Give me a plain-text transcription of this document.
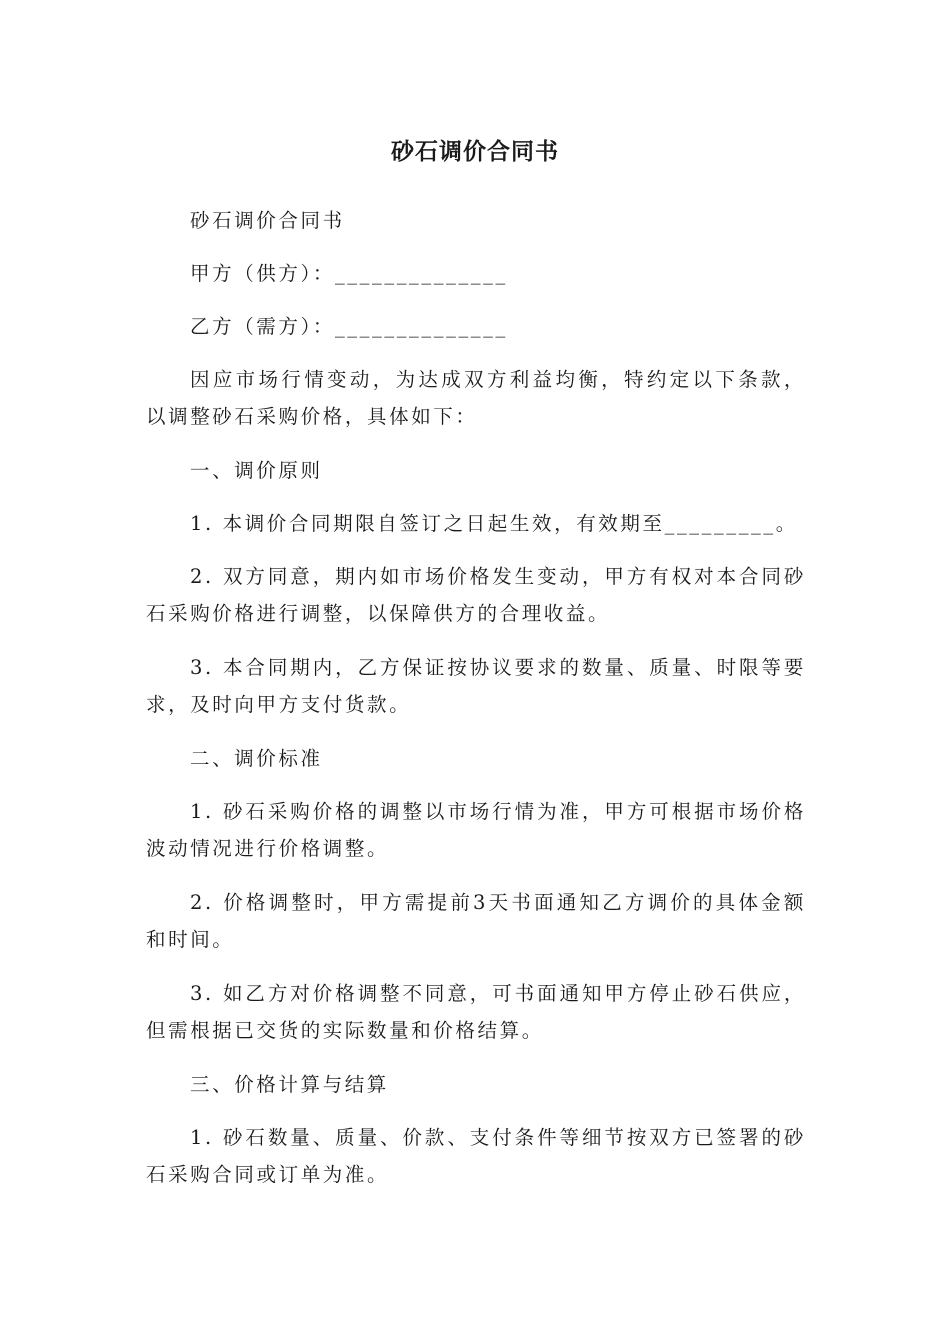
砂石调价合同书

砂石调价合同书

甲方（供方）：______________

乙方（需方）：______________

因应市场行情变动，为达成双方利益均衡，特约定以下条款，以调整砂石采购价格，具体如下：

一、调价原则

1. 本调价合同期限自签订之日起生效，有效期至_________。

2. 双方同意，期内如市场价格发生变动，甲方有权对本合同砂石采购价格进行调整，以保障供方的合理收益。

3. 本合同期内，乙方保证按协议要求的数量、质量、时限等要求，及时向甲方支付货款。

二、调价标准

1. 砂石采购价格的调整以市场行情为准，甲方可根据市场价格波动情况进行价格调整。

2. 价格调整时，甲方需提前3天书面通知乙方调价的具体金额和时间。

3. 如乙方对价格调整不同意，可书面通知甲方停止砂石供应，但需根据已交货的实际数量和价格结算。

三、价格计算与结算

1. 砂石数量、质量、价款、支付条件等细节按双方已签署的砂石采购合同或订单为准。
